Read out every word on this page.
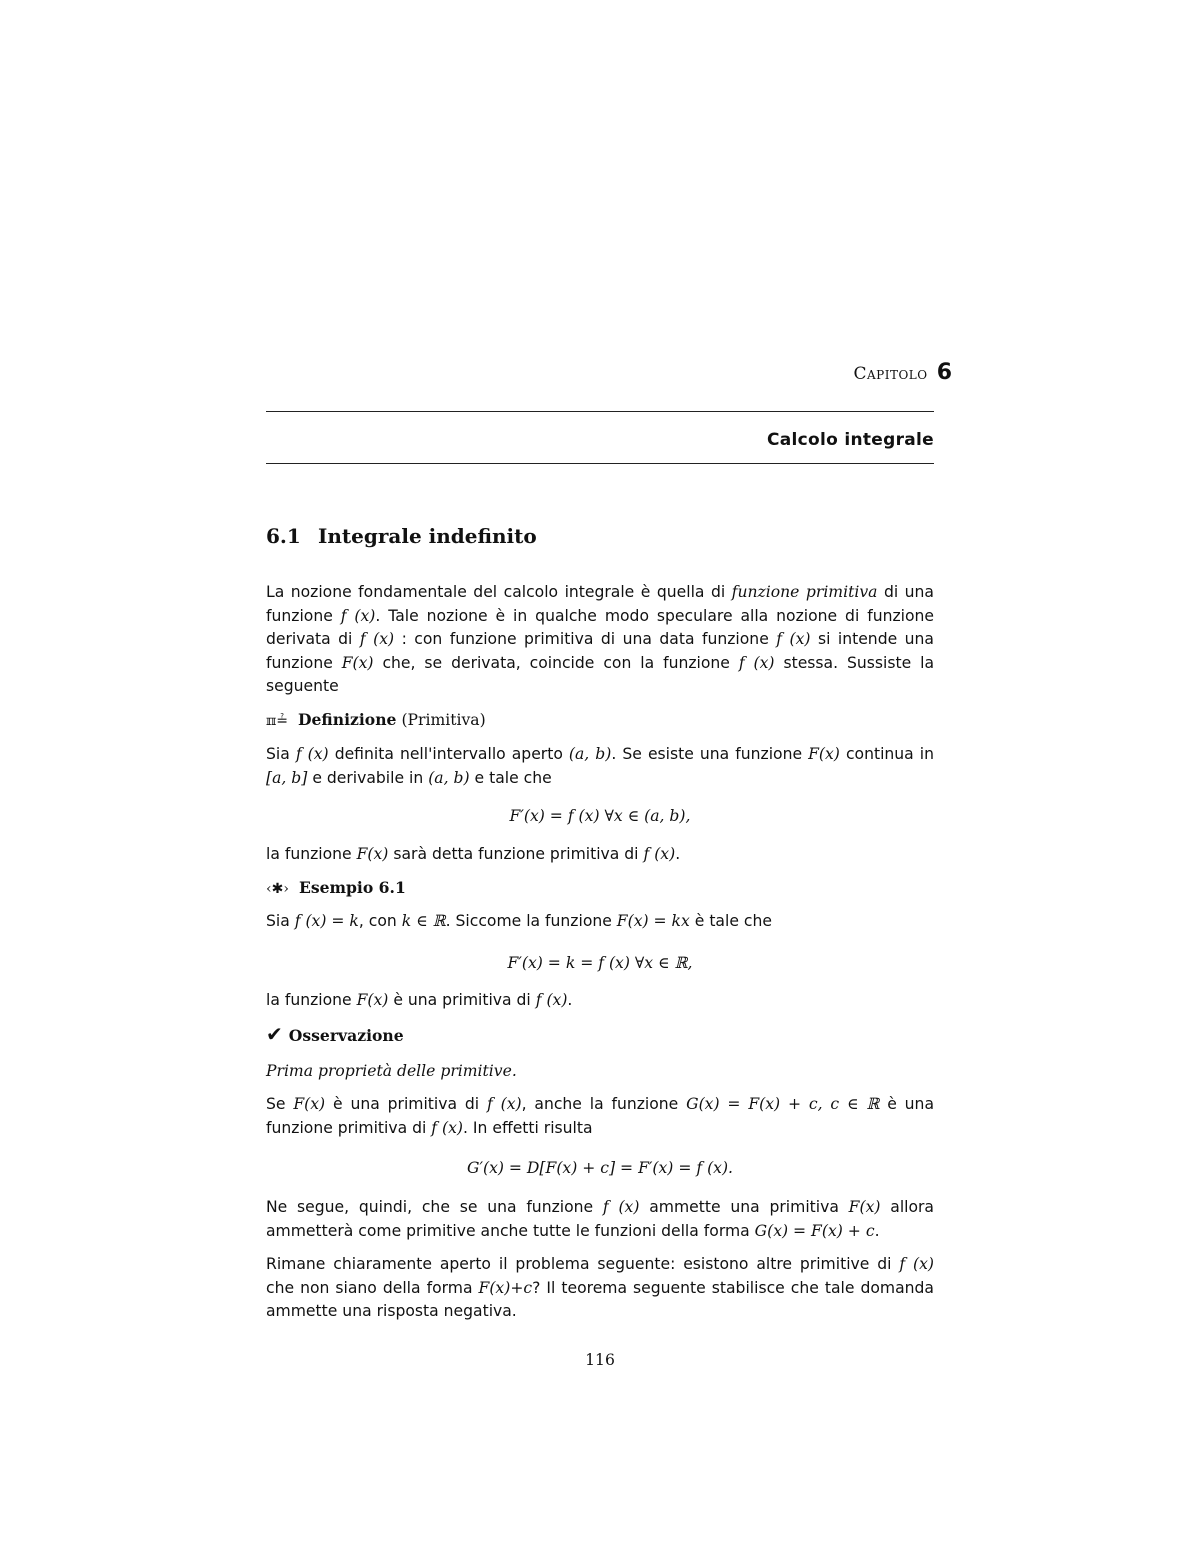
Capitolo 6
Calcolo integrale
6.1 Integrale indefinito

La nozione fondamentale del calcolo integrale è quella di funzione primitiva di una funzione f (x). Tale nozione è in qualche modo speculare alla nozione di funzione derivata di f (x) : con funzione primitiva di una data funzione f (x) si intende una funzione F(x) che, se derivata, coincide con la funzione f (x) stessa. Sussiste la seguente

ℼ≟ Definizione (Primitiva)

Sia f (x) definita nell'intervallo aperto (a, b). Se esiste una funzione F(x) continua in [a, b] e derivabile in (a, b) e tale che

F′(x) = f (x) ∀x ∈ (a, b),

la funzione F(x) sarà detta funzione primitiva di f (x).

‹✱› Esempio 6.1

Sia f (x) = k, con k ∈ ℝ. Siccome la funzione F(x) = kx è tale che

F′(x) = k = f (x) ∀x ∈ ℝ,

la funzione F(x) è una primitiva di f (x).

✔ Osservazione

Prima proprietà delle primitive.

Se F(x) è una primitiva di f (x), anche la funzione G(x) = F(x) + c, c ∈ ℝ è una funzione primitiva di f (x). In effetti risulta

G′(x) = D[F(x) + c] = F′(x) = f (x).

Ne segue, quindi, che se una funzione f (x) ammette una primitiva F(x) allora ammetterà come primitive anche tutte le funzioni della forma G(x) = F(x) + c.

Rimane chiaramente aperto il problema seguente: esistono altre primitive di f (x) che non siano della forma F(x)+c? Il teorema seguente stabilisce che tale domanda ammette una risposta negativa.

116
